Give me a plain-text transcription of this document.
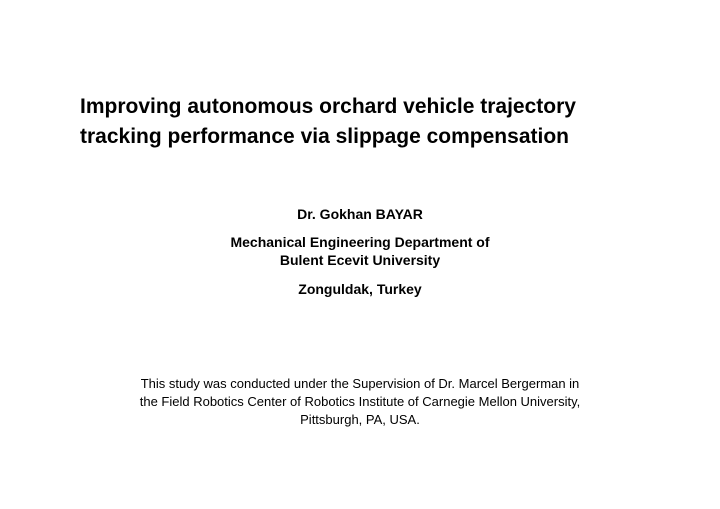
Improving autonomous orchard vehicle trajectory
tracking performance via slippage compensation
Dr. Gokhan BAYAR
Mechanical Engineering Department of
Bulent Ecevit University
Zonguldak, Turkey
This study was conducted under the Supervision of Dr. Marcel Bergerman in
the Field Robotics Center of Robotics Institute of Carnegie Mellon University,
Pittsburgh, PA, USA.
